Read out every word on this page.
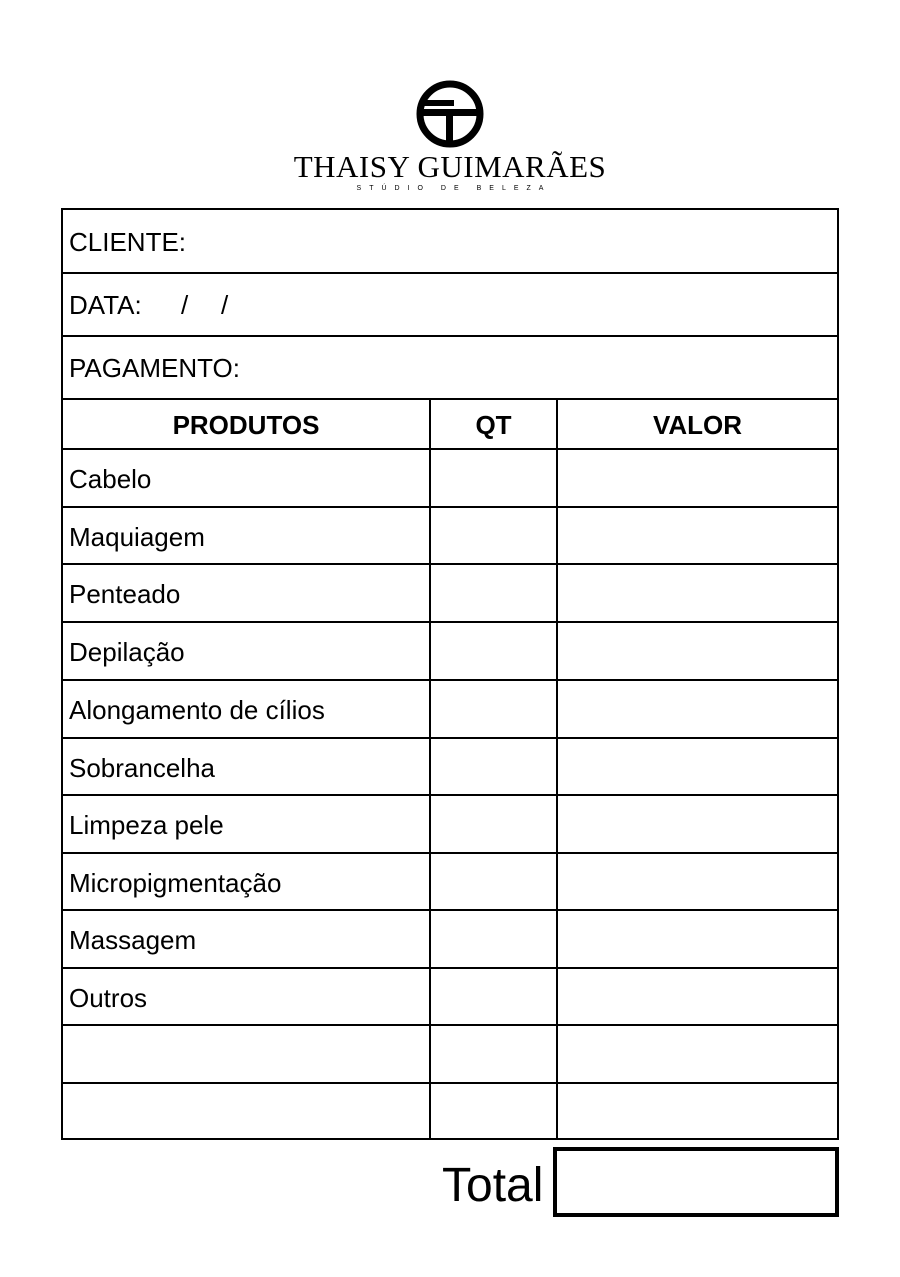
THAISY GUIMARÃES
STÚDIO DE BELEZA
CLIENTE:
DATA: / /
PAGAMENTO:
PRODUTOS	QT	VALOR
Cabelo
Maquiagem
Penteado
Depilação
Alongamento de cílios
Sobrancelha
Limpeza pele
Micropigmentação
Massagem
Outros
Total
